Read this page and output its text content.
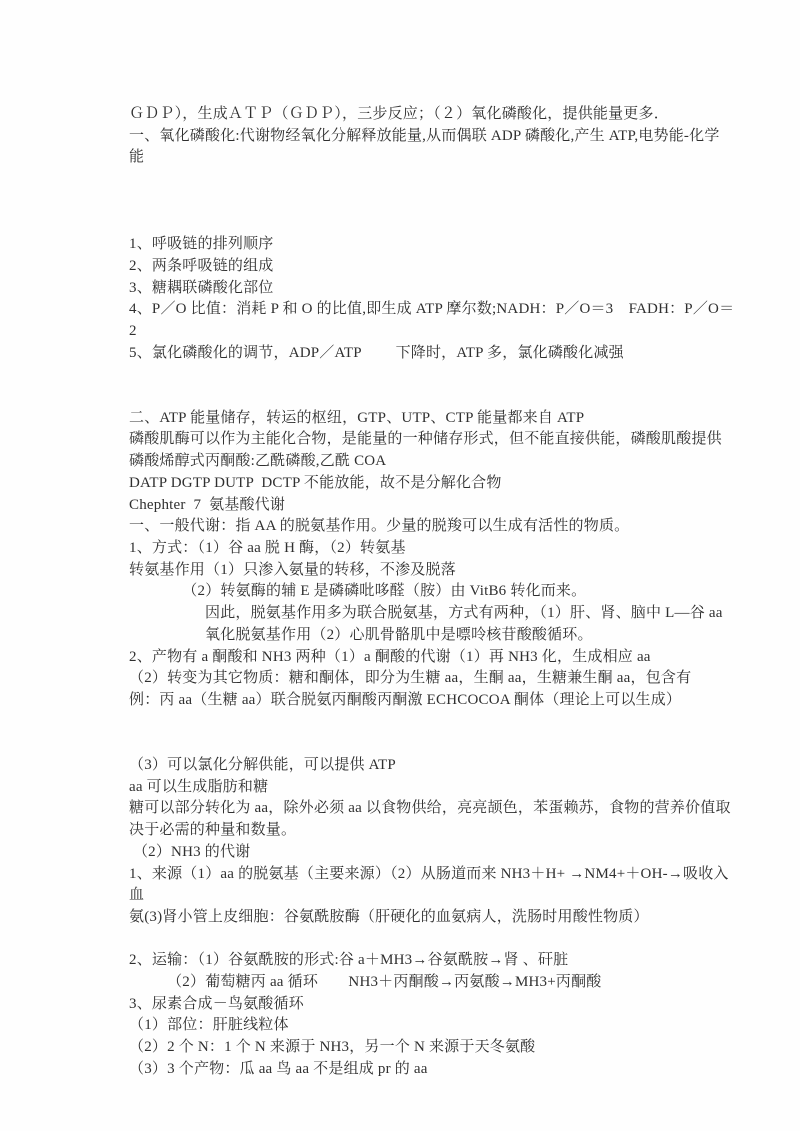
ＧＤＰ），生成ＡＴＰ（ＧＤＰ），三步反应；（２）氧化磷酸化，提供能量更多．
一、氧化磷酸化:代谢物经氧化分解释放能量,从而偶联 ADP 磷酸化,产生 ATP,电势能-化学
能
1、呼吸链的排列顺序
2、两条呼吸链的组成
3、糖耦联磷酸化部位
4、P／O 比值：消耗 P 和 O 的比值,即生成 ATP 摩尔数;NADH：P／O＝3　FADH：P／O＝2
5、氯化磷酸化的调节，ADP／ATP　　 下降时，ATP 多，氯化磷酸化减强
二、ATP 能量储存，转运的枢纽，GTP、UTP、CTP 能量都来自 ATP
磷酸肌酶可以作为主能化合物，是能量的一种储存形式，但不能直接供能，磷酸肌酸提供
磷酸烯醇式丙酮酸:乙酰磷酸,乙酰 COA
DATP DGTP DUTP  DCTP 不能放能，故不是分解化合物
Chephter  7  氨基酸代谢
一、一般代谢：指 AA 的脱氨基作用。少量的脱羧可以生成有活性的物质。
1、方式：（1）谷 aa 脱 H 酶，（2）转氨基
转氨基作用（1）只渗入氨量的转移，不渗及脱落
　　　　（2）转氨酶的辅 E 是磷磷吡哆醛（胺）由 VitB6 转化而来。
　　　　　因此，脱氨基作用多为联合脱氨基，方式有两种，（1）肝、肾、脑中 L—谷 aa
　　　　　氧化脱氨基作用（2）心肌骨骼肌中是嘌呤核苷酸酸循环。
2、产物有 a 酮酸和 NH3 两种（1）a 酮酸的代谢（1）再 NH3 化，生成相应 aa
（2）转变为其它物质：糖和酮体，即分为生糖 aa，生酮 aa，生糖兼生酮 aa，包含有
例：丙 aa（生糖 aa）联合脱氨丙酮酸丙酮激 ECHCOCOA 酮体（理论上可以生成）
（3）可以氯化分解供能，可以提供 ATP
aa 可以生成脂肪和糖
糖可以部分转化为 aa，除外必须 aa 以食物供给，亮亮颉色，苯蛋赖苏，食物的营养价值取
决于必需的种量和数量。
（2）NH3 的代谢
1、来源（1）aa 的脱氨基（主要来源）（2）从肠道而来 NH3＋H+ →NM4+＋OH-→吸收入血
氨(3)肾小管上皮细胞：谷氨酰胺酶（肝硬化的血氨病人，洗肠时用酸性物质）
2、运输：（1）谷氨酰胺的形式:谷 a＋MH3→谷氨酰胺→肾 、矸脏
　　　（2）葡萄糖丙 aa 循环　　NH3＋丙酮酸→丙氨酸→MH3+丙酮酸
3、尿素合成－鸟氨酸循环
（1）部位：肝脏线粒体
（2）2 个 N：1 个 N 来源于 NH3，另一个 N 来源于天冬氨酸
（3）3 个产物：瓜 aa 鸟 aa 不是组成 pr 的 aa
